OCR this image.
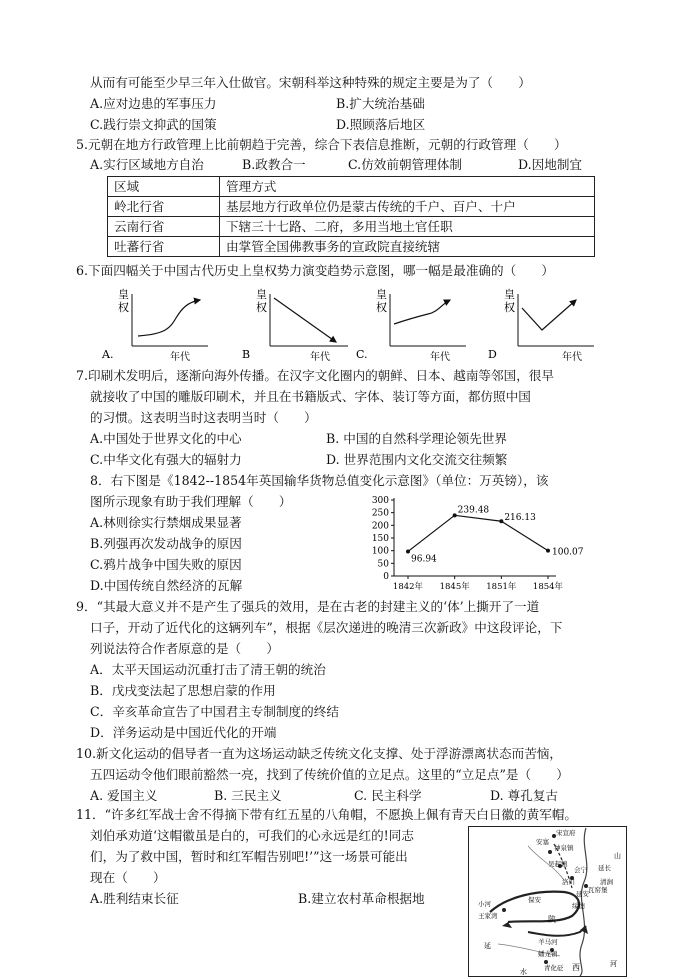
从而有可能至少早三年入仕做官。宋朝科举这种特殊的规定主要是为了（　　）
A.应对边患的军事压力	B.扩大统治基础
C.践行崇文抑武的国策	D.照顾落后地区
5.元朝在地方行政管理上比前朝趋于完善，综合下表信息推断，元朝的行政管理（　　）
A.实行区域地方自治	B.政教合一	C.仿效前朝管理体制	D.因地制宜
区域	管理方式
岭北行省	基层地方行政单位仍是蒙古传统的千户、百户、十户
云南行省	下辖三十七路、二府，多用当地土官任职
吐蕃行省	由掌管全国佛教事务的宣政院直接统辖
6.下面四幅关于中国古代历史上皇权势力演变趋势示意图，哪一幅是最准确的（　　）
皇
权
年代
A.
皇
权
年代
B
皇
权
年代
C.
皇
权
年代
D
7.印刷术发明后，逐渐向海外传播。在汉字文化圈内的朝鲜、日本、越南等邻国，很早
就接收了中国的雕版印刷术，并且在书籍版式、字体、装订等方面，都仿照中国
的习惯。这表明当时这表明当时（　　）
A.中国处于世界文化的中心	B. 中国的自然科学理论领先世界
C.中华文化有强大的辐射力	D. 世界范围内文化交流交往频繁
8．右下图是《1842--1854年英国输华货物总值变化示意图》（单位：万英镑），该
图所示现象有助于我们理解（　　）
A.林则徐实行禁烟成果显著
B.列强再次发动战争的原因
C.鸦片战争中国失败的原因
D.中国传统自然经济的瓦解
0
50
100
150
200
250
300
1842年 1845年 1851年 1854年
96.94
239.48
216.13
100.07
9．“其最大意义并不是产生了强兵的效用，是在古老的封建主义的‘体’上撕开了一道
口子，开动了近代化的这辆列车”，根据《层次递进的晚清三次新政》中这段评论，下
列说法符合作者原意的是（　　）
A．太平天国运动沉重打击了清王朝的统治
B．戊戌变法起了思想启蒙的作用
C．辛亥革命宣告了中国君主专制制度的终结
D．洋务运动是中国近代化的开端
10.新文化运动的倡导者一直为这场运动缺乏传统文化支撑、处于浮游漂离状态而苦恼，
五四运动令他们眼前豁然一亮，找到了传统价值的立足点。这里的“立足点”是（　　）
A. 爱国主义	B. 三民主义	C. 民主科学	D. 尊孔复古
11．“许多红军战士舍不得摘下带有红五星的八角帽，不愿换上佩有青天白日徽的黄军帽。
刘伯承劝道‘这帽徽虽是白的，可我们的心永远是红的!同志
们，为了救中国，暂时和红军帽告别吧!’”这一场景可能出
现在（　　）
A.胜利结束长征	B.建立农村革命根据地
宋宣府
神泉镇
安塞
山
吴起镇
会宁 延长
洛川
延安
清涧
瓦窑堡
绥德
保安
小河
王家湾
羊马河
陕
蟠龙镇
青化砭 西	河
延
水
